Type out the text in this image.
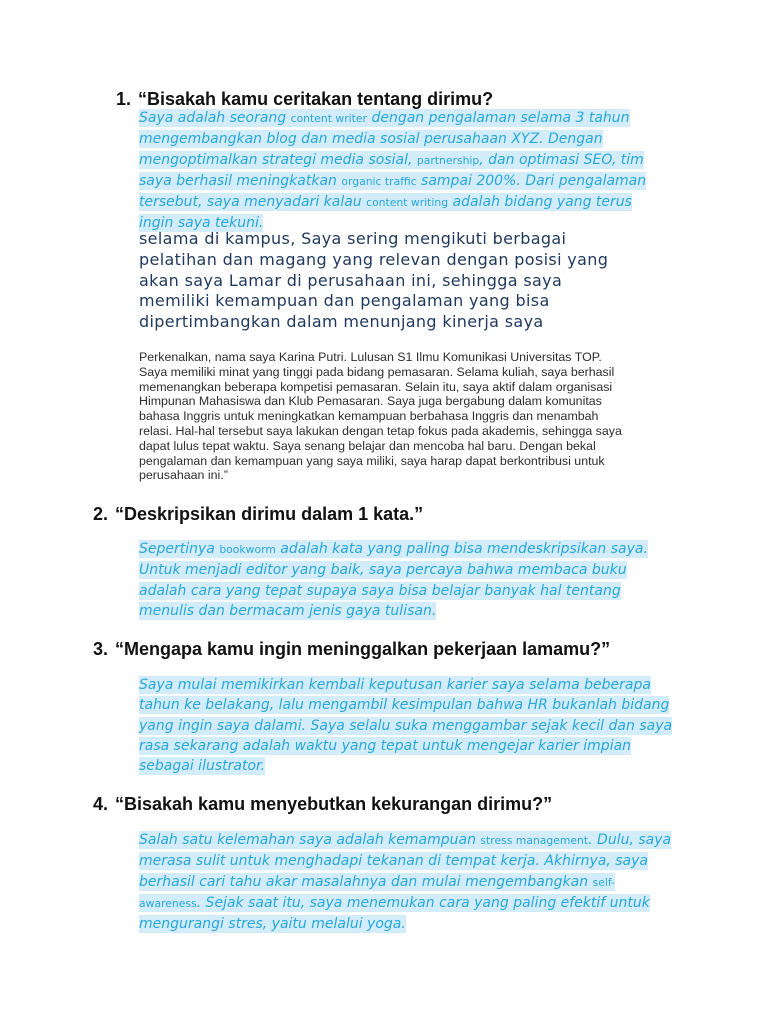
1. “Bisakah kamu ceritakan tentang dirimu?

Saya adalah seorang content writer dengan pengalaman selama 3 tahun mengembangkan blog dan media sosial perusahaan XYZ. Dengan mengoptimalkan strategi media sosial, partnership, dan optimasi SEO, tim saya berhasil meningkatkan organic traffic sampai 200%. Dari pengalaman tersebut, saya menyadari kalau content writing adalah bidang yang terus ingin saya tekuni.

selama di kampus, Saya sering mengikuti berbagai
pelatihan dan magang yang relevan dengan posisi yang
akan saya Lamar di perusahaan ini, sehingga saya
memiliki kemampuan dan pengalaman yang bisa
dipertimbangkan dalam menunjang kinerja saya
Perkenalkan, nama saya Karina Putri. Lulusan S1 Ilmu Komunikasi Universitas TOP.
Saya memiliki minat yang tinggi pada bidang pemasaran. Selama kuliah, saya berhasil
memenangkan beberapa kompetisi pemasaran. Selain itu, saya aktif dalam organisasi
Himpunan Mahasiswa dan Klub Pemasaran. Saya juga bergabung dalam komunitas
bahasa Inggris untuk meningkatkan kemampuan berbahasa Inggris dan menambah
relasi. Hal-hal tersebut saya lakukan dengan tetap fokus pada akademis, sehingga saya
dapat lulus tepat waktu. Saya senang belajar dan mencoba hal baru. Dengan bekal
pengalaman dan kemampuan yang saya miliki, saya harap dapat berkontribusi untuk
perusahaan ini.”
2. “Deskripsikan dirimu dalam 1 kata.”

Sepertinya bookworm adalah kata yang paling bisa mendeskripsikan saya. Untuk menjadi editor yang baik, saya percaya bahwa membaca buku adalah cara yang tepat supaya saya bisa belajar banyak hal tentang menulis dan bermacam jenis gaya tulisan.

3. “Mengapa kamu ingin meninggalkan pekerjaan lamamu?”

Saya mulai memikirkan kembali keputusan karier saya selama beberapa tahun ke belakang, lalu mengambil kesimpulan bahwa HR bukanlah bidang yang ingin saya dalami. Saya selalu suka menggambar sejak kecil dan saya rasa sekarang adalah waktu yang tepat untuk mengejar karier impian sebagai ilustrator.

4. “Bisakah kamu menyebutkan kekurangan dirimu?”

Salah satu kelemahan saya adalah kemampuan stress management. Dulu, saya merasa sulit untuk menghadapi tekanan di tempat kerja. Akhirnya, saya berhasil cari tahu akar masalahnya dan mulai mengembangkan self-awareness. Sejak saat itu, saya menemukan cara yang paling efektif untuk mengurangi stres, yaitu melalui yoga.
